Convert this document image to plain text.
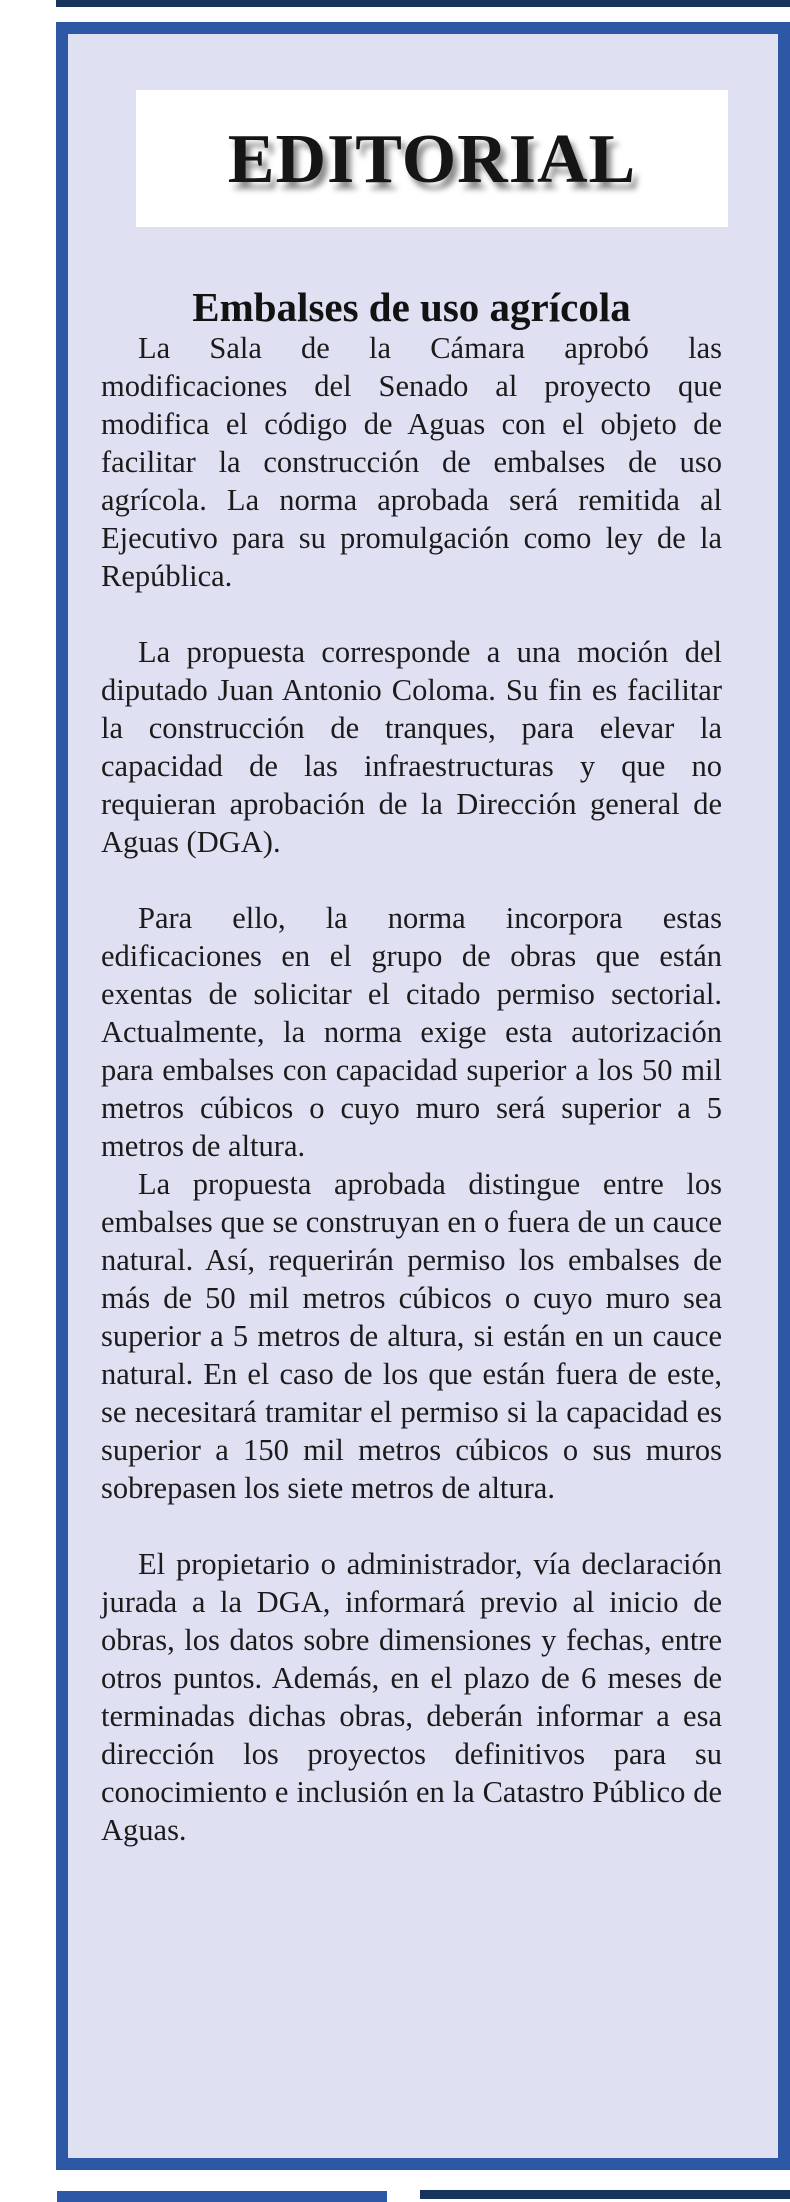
EDITORIAL
Embalses de uso agrícola

La Sala de la Cámara aprobó las modificaciones del Senado al proyecto que modifica el código de Aguas con el objeto de facilitar la construcción de embalses de uso agrícola. La norma aprobada será remitida al Ejecutivo para su promulgación como ley de la República.

La propuesta corresponde a una moción del diputado Juan Antonio Coloma. Su fin es facilitar la construcción de tranques, para elevar la capacidad de las infraestructuras y que no requieran aprobación de la Dirección general de Aguas (DGA).

Para ello, la norma incorpora estas edificaciones en el grupo de obras que están exentas de solicitar el citado permiso sectorial. Actualmente, la norma exige esta autorización para embalses con capacidad superior a los 50 mil metros cúbicos o cuyo muro será superior a 5 metros de altura.

La propuesta aprobada distingue entre los embalses que se construyan en o fuera de un cauce natural. Así, requerirán permiso los embalses de más de 50 mil metros cúbicos o cuyo muro sea superior a 5 metros de altura, si están en un cauce natural. En el caso de los que están fuera de este, se necesitará tramitar el permiso si la capacidad es superior a 150 mil metros cúbicos o sus muros sobrepasen los siete metros de altura.

El propietario o administrador, vía declaración jurada a la DGA, informará previo al inicio de obras, los datos sobre dimensiones y fechas, entre otros puntos. Además, en el plazo de 6 meses de terminadas dichas obras, deberán informar a esa dirección los proyectos definitivos para su conocimiento e inclusión en la Catastro Público de Aguas.
